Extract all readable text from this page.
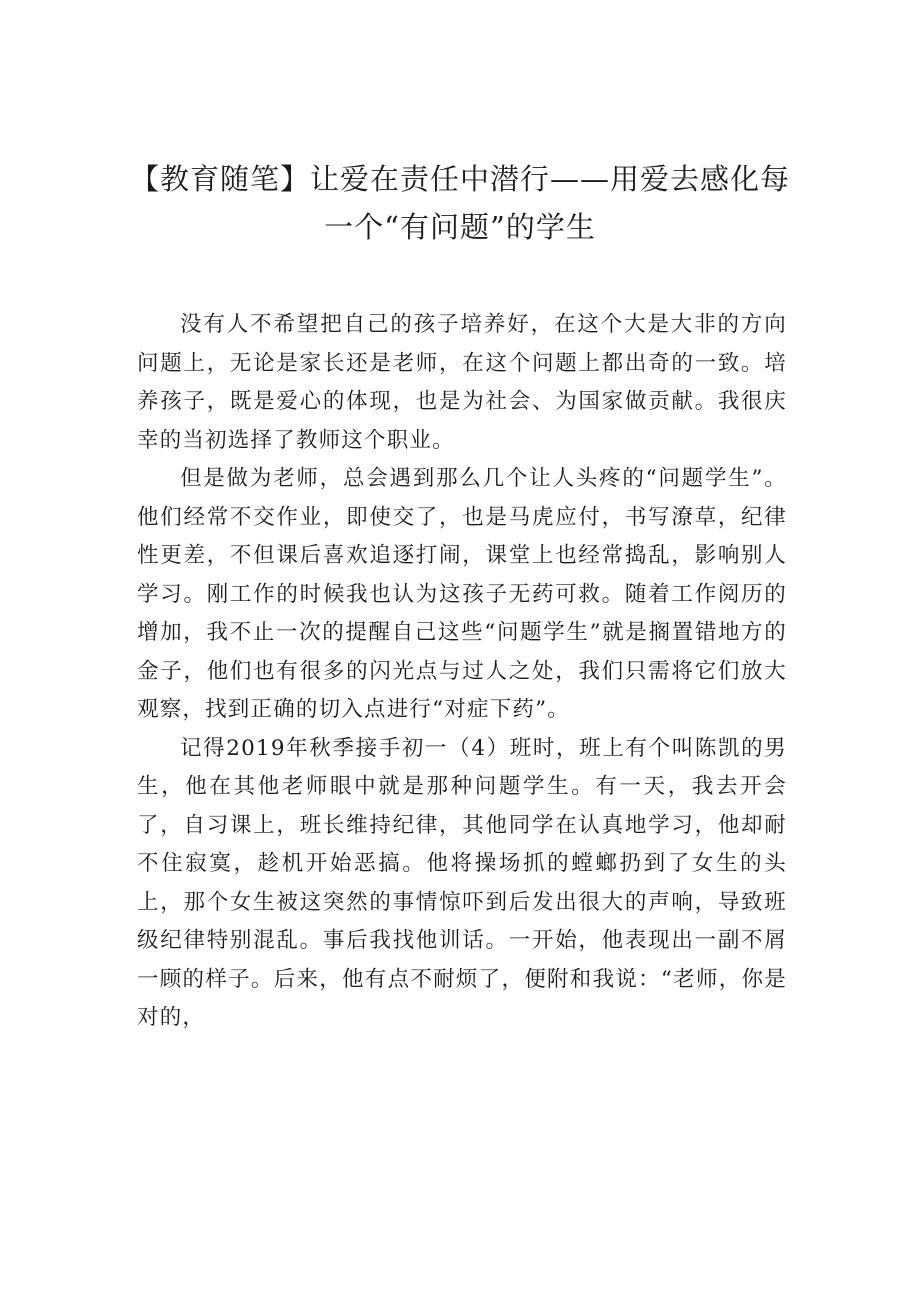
【教育随笔】让爱在责任中潜行——用爱去感化每
一个“有问题”的学生

没有人不希望把自己的孩子培养好，在这个大是大非的方向问题上，无论是家长还是老师，在这个问题上都出奇的一致。培养孩子，既是爱心的体现，也是为社会、为国家做贡献。我很庆幸的当初选择了教师这个职业。

但是做为老师，总会遇到那么几个让人头疼的“问题学生”。他们经常不交作业，即使交了，也是马虎应付，书写潦草，纪律性更差，不但课后喜欢追逐打闹，课堂上也经常捣乱，影响别人学习。刚工作的时候我也认为这孩子无药可救。随着工作阅历的增加，我不止一次的提醒自己这些“问题学生”就是搁置错地方的金子，他们也有很多的闪光点与过人之处，我们只需将它们放大观察，找到正确的切入点进行“对症下药”。

记得2019年秋季接手初一（4）班时，班上有个叫陈凯的男生，他在其他老师眼中就是那种问题学生。有一天，我去开会了，自习课上，班长维持纪律，其他同学在认真地学习，他却耐不住寂寞，趁机开始恶搞。他将操场抓的螳螂扔到了女生的头上，那个女生被这突然的事情惊吓到后发出很大的声响，导致班级纪律特别混乱。事后我找他训话。一开始，他表现出一副不屑一顾的样子。后来，他有点不耐烦了，便附和我说：“老师，你是对的，
